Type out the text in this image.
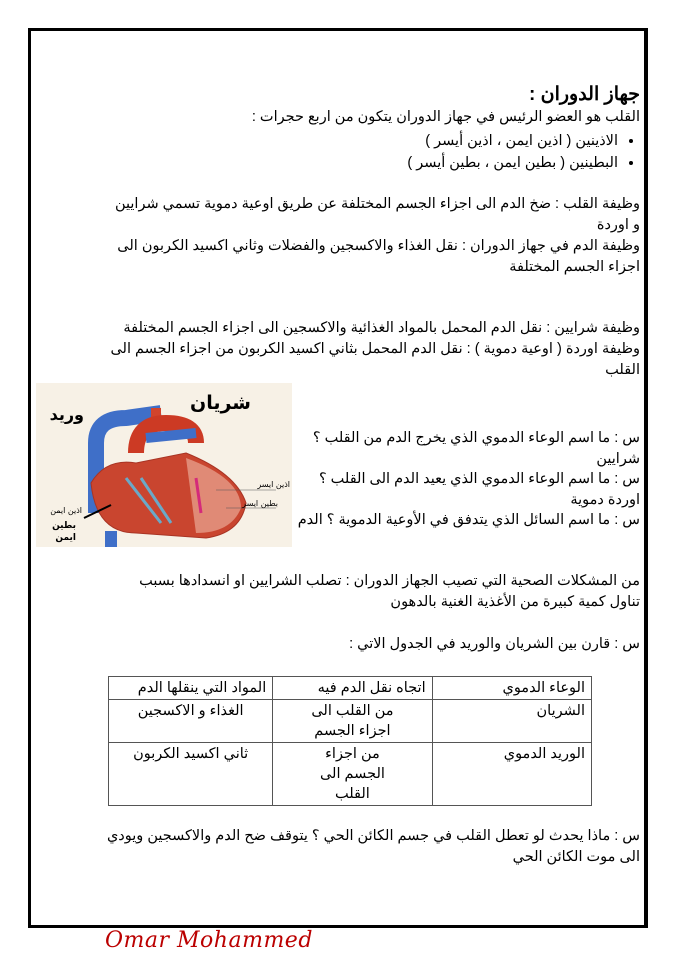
جهاز الدوران :
القلب هو العضو الرئيس في جهاز الدوران يتكون من اربع حجرات :
• الاذينين ( اذين ايمن ، اذين أيسر )
• البطينين ( بطين ايمن ، بطين أيسر )
وظيفة القلب : ضخ الدم الى اجزاء الجسم المختلفة عن طريق اوعية دموية تسمي شرايين
و اوردة
وظيفة الدم في جهاز الدوران : نقل الغذاء والاكسجين والفضلات وثاني اكسيد الكربون الى
اجزاء الجسم المختلفة
وظيفة شرايين : نقل الدم المحمل بالمواد الغذائية والاكسجين الى اجزاء الجسم المختلفة
وظيفة اوردة ( اوعية دموية ) : نقل الدم المحمل بثاني اكسيد الكربون من اجزاء الجسم الى
القلب
شريان
وريد
اذين ايسر
بطين ايسر
اذين ايمن
بطين
ايمن
س : ما اسم الوعاء الدموي الذي يخرج الدم من القلب ؟
شرايين
س : ما اسم الوعاء الدموي الذي يعيد الدم الى القلب ؟
اوردة دموية
س : ما اسم السائل الذي يتدفق في الأوعية الدموية ؟ الدم
من المشكلات الصحية التي تصيب الجهاز الدوران : تصلب الشرايين او انسدادها بسبب
تناول كمية كبيرة من الأغذية الغنية بالدهون
س : قارن بين الشريان والوريد في الجدول الاتي :
الوعاء الدموي	اتجاه نقل الدم فيه	المواد التي ينقلها الدم
الشريان	من القلب الى اجزاء الجسم	الغذاء و الاكسجين
الوريد الدموي	من اجزاء الجسم الى القلب	ثاني اكسيد الكربون
س : ماذا يحدث لو تعطل القلب في جسم الكائن الحي ؟ يتوقف ضح الدم والاكسجين ويودي
الى موت الكائن الحي
Omar Mohammed
